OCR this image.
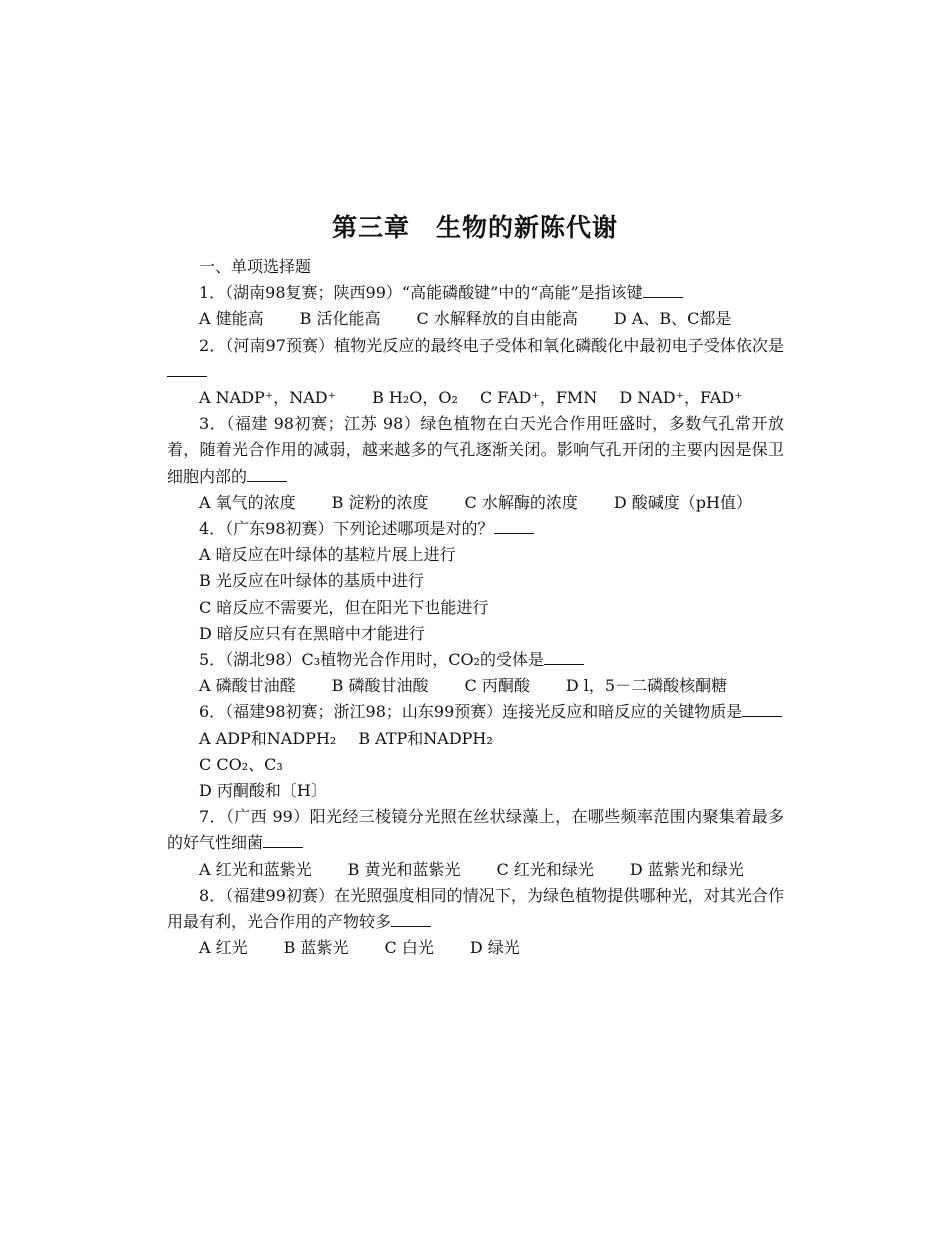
第三章　生物的新陈代谢

一、单项选择题

1．（湖南98复赛；陕西99）“高能磷酸键”中的“高能”是指该键

A 健能高 B 活化能高 C 水解释放的自由能高 D A、B、C都是

2．（河南97预赛）植物光反应的最终电子受体和氧化磷酸化中最初电子受体依次是

A NADP⁺，NAD⁺ B H₂O，O₂ C FAD⁺，FMN D NAD⁺，FAD⁺

3．（福建 98初赛；江苏 98）绿色植物在白天光合作用旺盛时，多数气孔常开放着，随着光合作用的减弱，越来越多的气孔逐渐关闭。影响气孔开闭的主要内因是保卫细胞内部的

A 氧气的浓度 B 淀粉的浓度 C 水解酶的浓度 D 酸碱度（pH值）

4．（广东98初赛）下列论述哪项是对的？

A 暗反应在叶绿体的基粒片展上进行

B 光反应在叶绿体的基质中进行

C 暗反应不需要光，但在阳光下也能进行

D 暗反应只有在黑暗中才能进行

5．（湖北98）C₃植物光合作用时，CO₂的受体是

A 磷酸甘油醛 B 磷酸甘油酸 C 丙酮酸 D l，5－二磷酸核酮糖

6．（福建98初赛；浙江98；山东99预赛）连接光反应和暗反应的关键物质是

A ADP和NADPH₂ B ATP和NADPH₂

C CO₂、C₃

D 丙酮酸和〔H〕

7．（广西 99）阳光经三棱镜分光照在丝状绿藻上，在哪些频率范围内聚集着最多的好气性细菌

A 红光和蓝紫光 B 黄光和蓝紫光 C 红光和绿光 D 蓝紫光和绿光

8．（福建99初赛）在光照强度相同的情况下，为绿色植物提供哪种光，对其光合作用最有利，光合作用的产物较多

A 红光 B 蓝紫光 C 白光 D 绿光
